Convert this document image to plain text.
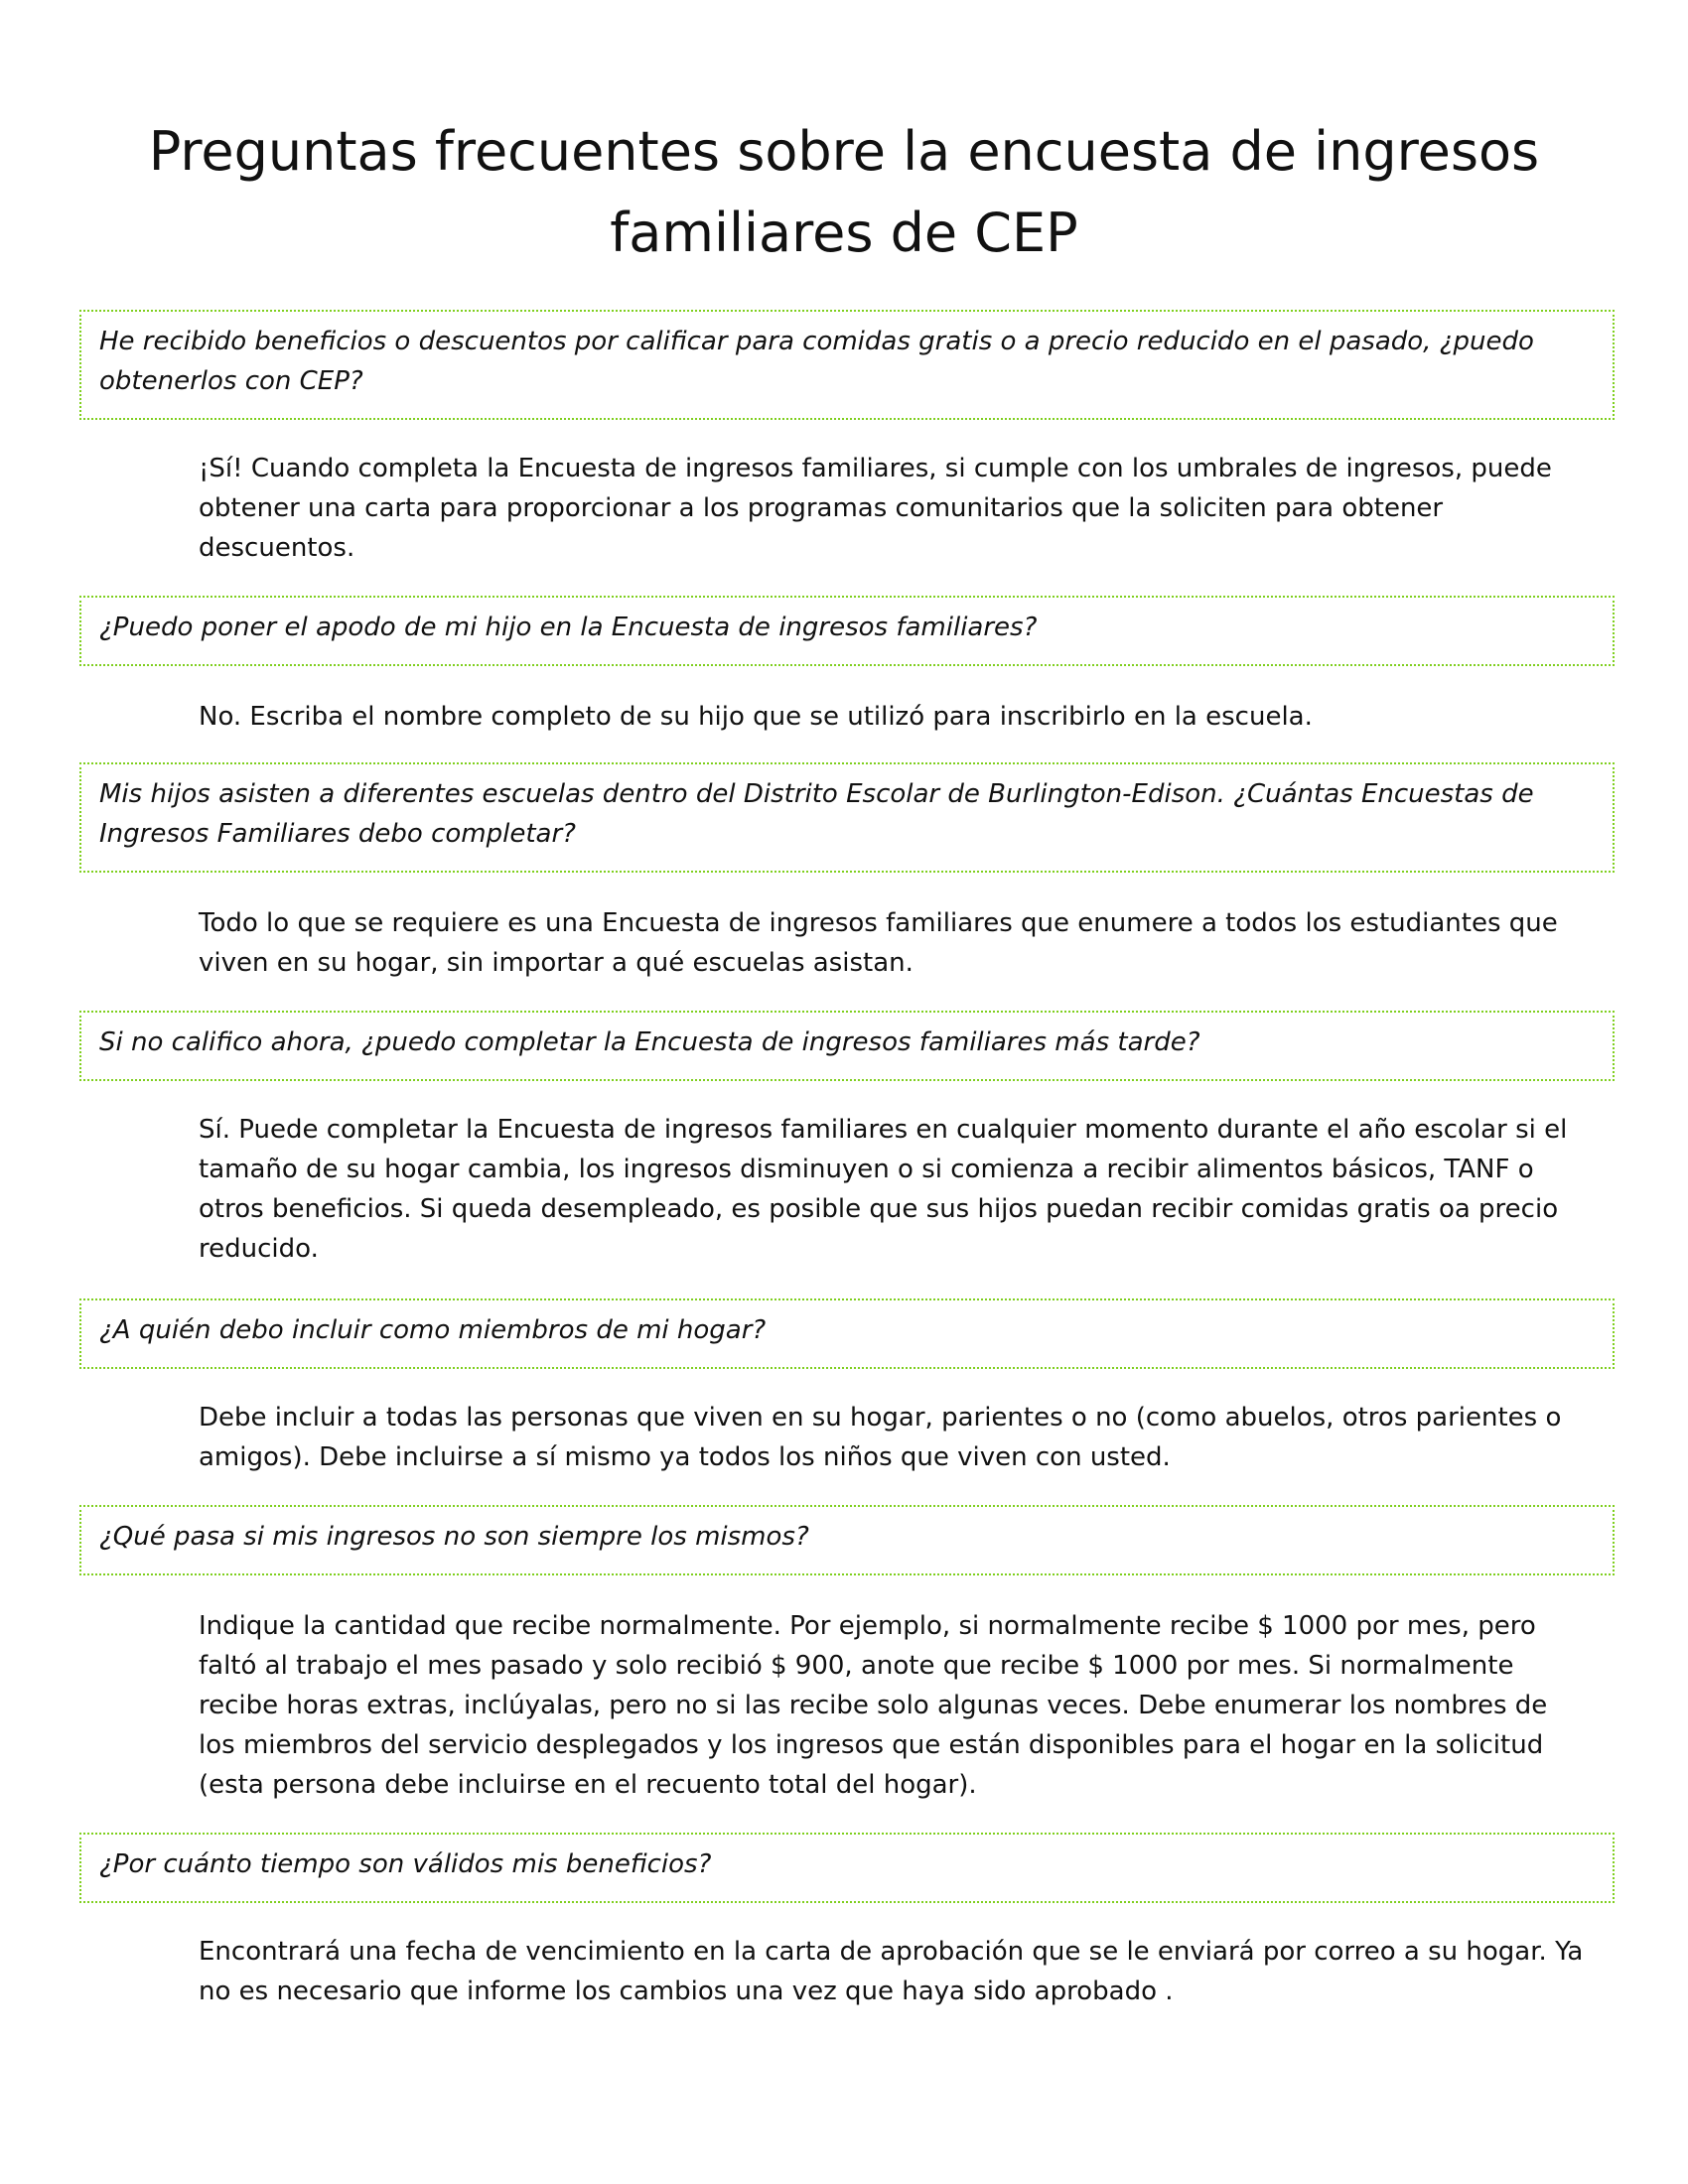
Preguntas frecuentes sobre la encuesta de ingresos familiares de CEP
He recibido beneficios o descuentos por calificar para comidas gratis o a precio reducido en el pasado, ¿puedo obtenerlos con CEP?

¡Sí! Cuando completa la Encuesta de ingresos familiares, si cumple con los umbrales de ingresos, puede obtener una carta para proporcionar a los programas comunitarios que la soliciten para obtener descuentos.

¿Puedo poner el apodo de mi hijo en la Encuesta de ingresos familiares?

No. Escriba el nombre completo de su hijo que se utilizó para inscribirlo en la escuela.

Mis hijos asisten a diferentes escuelas dentro del Distrito Escolar de Burlington-Edison. ¿Cuántas Encuestas de Ingresos Familiares debo completar?

Todo lo que se requiere es una Encuesta de ingresos familiares que enumere a todos los estudiantes que viven en su hogar, sin importar a qué escuelas asistan.

Si no califico ahora, ¿puedo completar la Encuesta de ingresos familiares más tarde?

Sí. Puede completar la Encuesta de ingresos familiares en cualquier momento durante el año escolar si el tamaño de su hogar cambia, los ingresos disminuyen o si comienza a recibir alimentos básicos, TANF o otros beneficios. Si queda desempleado, es posible que sus hijos puedan recibir comidas gratis oa precio reducido.

¿A quién debo incluir como miembros de mi hogar?

Debe incluir a todas las personas que viven en su hogar, parientes o no (como abuelos, otros parientes o amigos). Debe incluirse a sí mismo ya todos los niños que viven con usted.

¿Qué pasa si mis ingresos no son siempre los mismos?

Indique la cantidad que recibe normalmente. Por ejemplo, si normalmente recibe $ 1000 por mes, pero faltó al trabajo el mes pasado y solo recibió $ 900, anote que recibe $ 1000 por mes. Si normalmente recibe horas extras, inclúyalas, pero no si las recibe solo algunas veces. Debe enumerar los nombres de los miembros del servicio desplegados y los ingresos que están disponibles para el hogar en la solicitud (esta persona debe incluirse en el recuento total del hogar).

¿Por cuánto tiempo son válidos mis beneficios?

Encontrará una fecha de vencimiento en la carta de aprobación que se le enviará por correo a su hogar. Ya no es necesario que informe los cambios una vez que haya sido aprobado .
